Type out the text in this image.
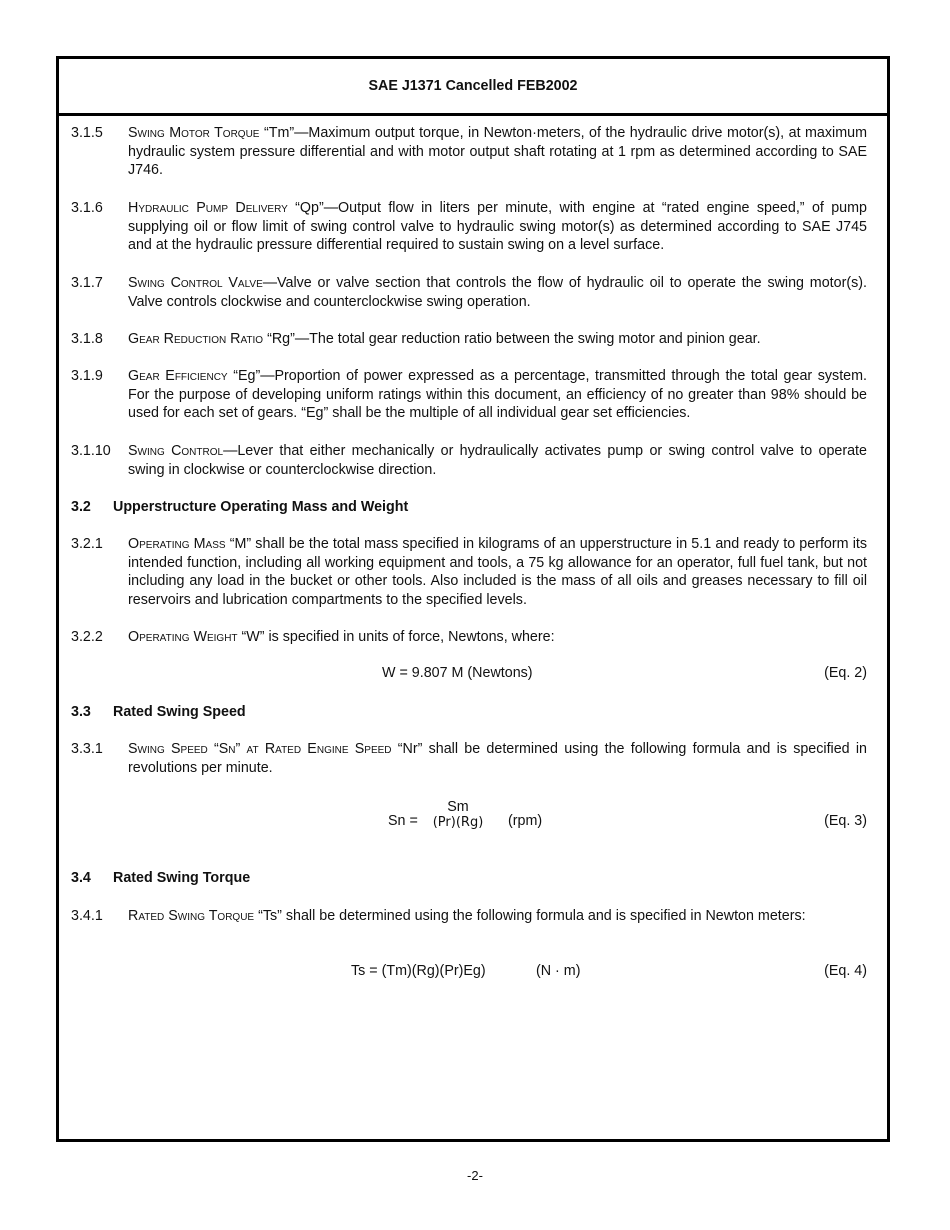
SAE J1371 Cancelled FEB2002
3.1.5 Swing Motor Torque “Tm”—Maximum output torque, in Newton·meters, of the hydraulic drive motor(s), at maximum hydraulic system pressure differential and with motor output shaft rotating at 1 rpm as determined according to SAE J746.
3.1.6 Hydraulic Pump Delivery “Qp”—Output flow in liters per minute, with engine at “rated engine speed,” of pump supplying oil or flow limit of swing control valve to hydraulic swing motor(s) as determined according to SAE J745 and at the hydraulic pressure differential required to sustain swing on a level surface.
3.1.7 Swing Control Valve—Valve or valve section that controls the flow of hydraulic oil to operate the swing motor(s). Valve controls clockwise and counterclockwise swing operation.
3.1.8 Gear Reduction Ratio “Rg”—The total gear reduction ratio between the swing motor and pinion gear.
3.1.9 Gear Efficiency “Eg”—Proportion of power expressed as a percentage, transmitted through the total gear system. For the purpose of developing uniform ratings within this document, an efficiency of no greater than 98% should be used for each set of gears. “Eg” shall be the multiple of all individual gear set efficiencies.
3.1.10 Swing Control—Lever that either mechanically or hydraulically activates pump or swing control valve to operate swing in clockwise or counterclockwise direction.
3.2 Upperstructure Operating Mass and Weight
3.2.1 Operating Mass “M” shall be the total mass specified in kilograms of an upperstructure in 5.1 and ready to perform its intended function, including all working equipment and tools, a 75 kg allowance for an operator, full fuel tank, but not including any load in the bucket or other tools. Also included is the mass of all oils and greases necessary to fill oil reservoirs and lubrication compartments to the specified levels.
3.2.2 Operating Weight “W” is specified in units of force, Newtons, where:
W = 9.807 M (Newtons)	(Eq. 2)
3.3 Rated Swing Speed
3.3.1 Swing Speed “Sn” at Rated Engine Speed “Nr” shall be determined using the following formula and is specified in revolutions per minute.
Sn =
Sm
(Pr)(Rg)	(rpm)	(Eq. 3)
3.4 Rated Swing Torque
3.4.1 Rated Swing Torque “Ts” shall be determined using the following formula and is specified in Newton meters:
Ts = (Tm)(Rg)(Pr)Eg)	(N · m)	(Eq. 4)
-2-
